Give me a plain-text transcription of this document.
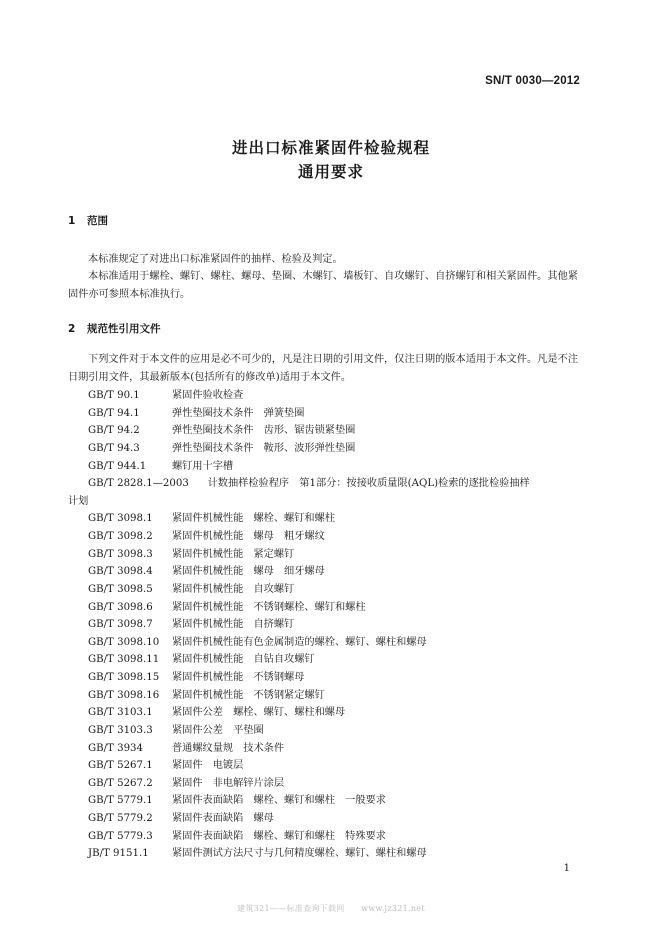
SN/T 0030—2012
进出口标准紧固件检验规程
通用要求
1 范围
本标准规定了对进出口标准紧固件的抽样、检验及判定。
本标准适用于螺栓、螺钉、螺柱、螺母、垫圈、木螺钉、墙板钉、自攻螺钉、自挤螺钉和相关紧固件。其他紧固件亦可参照本标准执行。
2 规范性引用文件
下列文件对于本文件的应用是必不可少的，凡是注日期的引用文件，仅注日期的版本适用于本文件。凡是不注日期引用文件，其最新版本(包括所有的修改单)适用于本文件。
GB/T 90.1	紧固件验收检查
GB/T 94.1	弹性垫圈技术条件　弹簧垫圈
GB/T 94.2	弹性垫圈技术条件　齿形、锯齿锁紧垫圈
GB/T 94.3	弹性垫圈技术条件　鞍形、波形弹性垫圈
GB/T 944.1	螺钉用十字槽
GB/T 2828.1—2003 计数抽样检验程序　第1部分：按接收质量限(AQL)检索的逐批检验抽样
计划
GB/T 3098.1 紧固件机械性能　螺栓、螺钉和螺柱
GB/T 3098.2 紧固件机械性能　螺母　粗牙螺纹
GB/T 3098.3 紧固件机械性能　紧定螺钉
GB/T 3098.4 紧固件机械性能　螺母　细牙螺母
GB/T 3098.5 紧固件机械性能　自攻螺钉
GB/T 3098.6 紧固件机械性能　不锈钢螺栓、螺钉和螺柱
GB/T 3098.7 紧固件机械性能　自挤螺钉
GB/T 3098.10 紧固件机械性能有色金属制造的螺栓、螺钉、螺柱和螺母
GB/T 3098.11 紧固件机械性能　自钻自攻螺钉
GB/T 3098.15 紧固件机械性能　不锈钢螺母
GB/T 3098.16 紧固件机械性能　不锈钢紧定螺钉
GB/T 3103.1 紧固件公差　螺栓、螺钉、螺柱和螺母
GB/T 3103.3 紧固件公差　平垫圈
GB/T 3934	普通螺纹量规　技术条件
GB/T 5267.1 紧固件　电镀层
GB/T 5267.2 紧固件　非电解锌片涂层
GB/T 5779.1 紧固件表面缺陷　螺栓、螺钉和螺柱　一般要求
GB/T 5779.2 紧固件表面缺陷　螺母
GB/T 5779.3 紧固件表面缺陷　螺栓、螺钉和螺柱　特殊要求
JB/T 9151.1 紧固件测试方法尺寸与几何精度螺栓、螺钉、螺柱和螺母
1
建筑321——标准查询下载网　　www.jz321.net
